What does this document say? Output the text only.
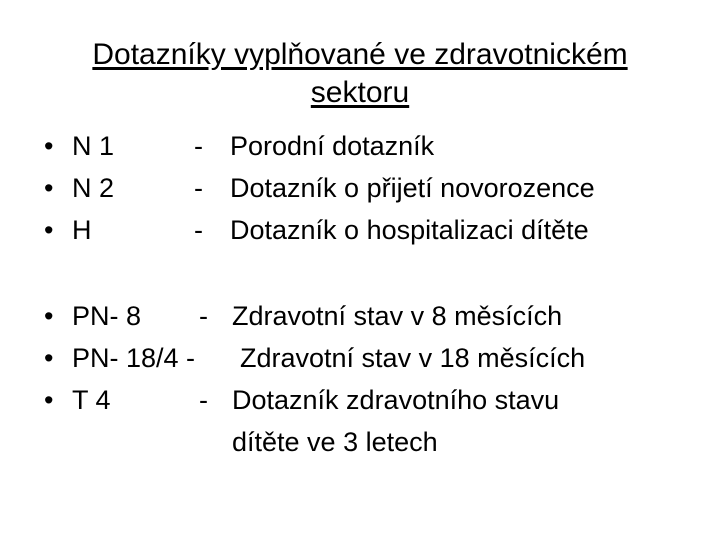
Dotazníky vyplňované ve zdravotnickém
sektoru
• N 1	- Porodní dotazník
• N 2	- Dotazník o přijetí novorozence
• H	- Dotazník o hospitalizaci dítěte
• PN- 8 - Zdravotní stav v 8 měsících
• PN- 18/4 - Zdravotní stav v 18 měsících
• T 4	- Dotazník zdravotního stavu
dítěte ve 3 letech
